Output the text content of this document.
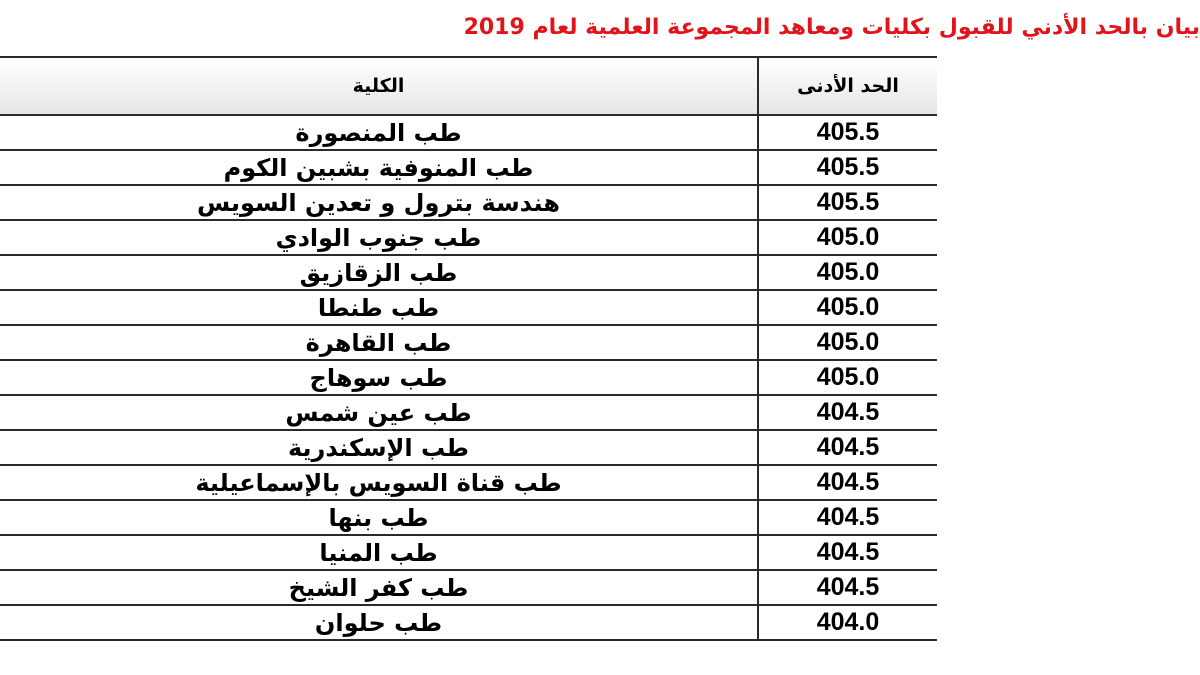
بيان بالحد الأدني للقبول بكليات ومعاهد المجموعة العلمية لعام 2019
الحد الأدنى	الكلية
405.5	طب المنصورة
405.5	طب المنوفية بشبين الكوم
405.5	هندسة بترول و تعدين السويس
405.0	طب جنوب الوادي
405.0	طب الزقازيق
405.0	طب طنطا
405.0	طب القاهرة
405.0	طب سوهاج
404.5	طب عين شمس
404.5	طب الإسكندرية
404.5	طب قناة السويس بالإسماعيلية
404.5	طب بنها
404.5	طب المنيا
404.5	طب كفر الشيخ
404.0	طب حلوان
